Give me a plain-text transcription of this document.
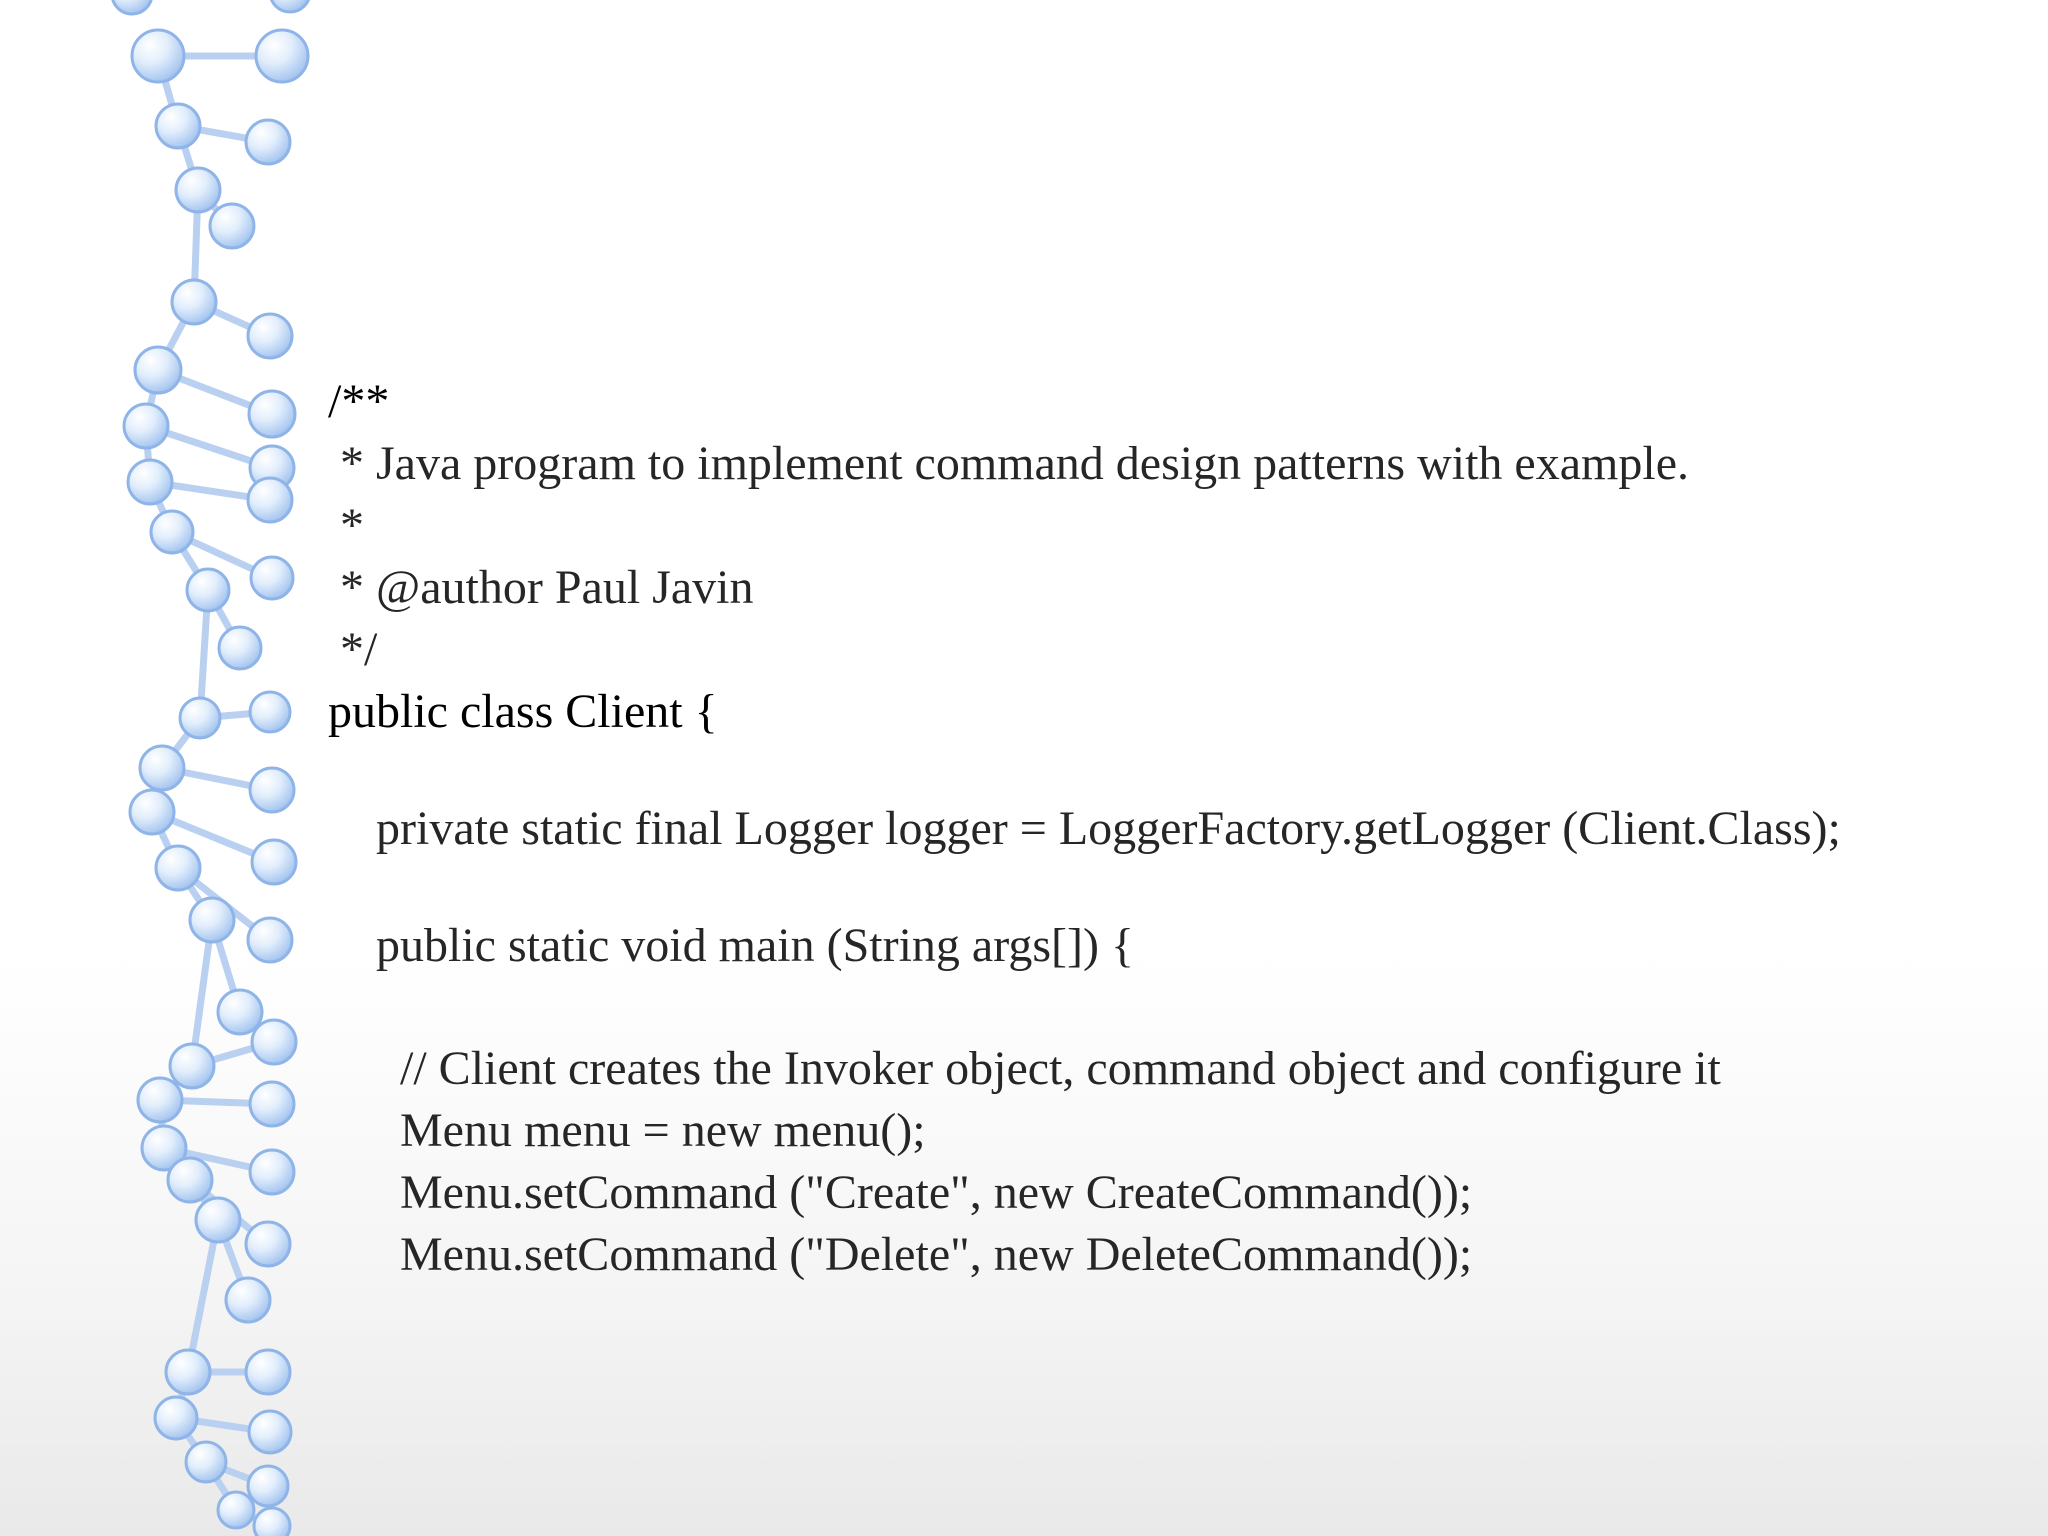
/**
* Java program to implement command design patterns with example.
*
* @author Paul Javin
*/
public class Client {
private static final Logger logger = LoggerFactory.getLogger (Client.Class);
public static void main (String args[]) {
// Client creates the Invoker object, command object and configure it
Menu menu = new menu();
Menu.setCommand ("Create", new CreateCommand());
Menu.setCommand ("Delete", new DeleteCommand());
